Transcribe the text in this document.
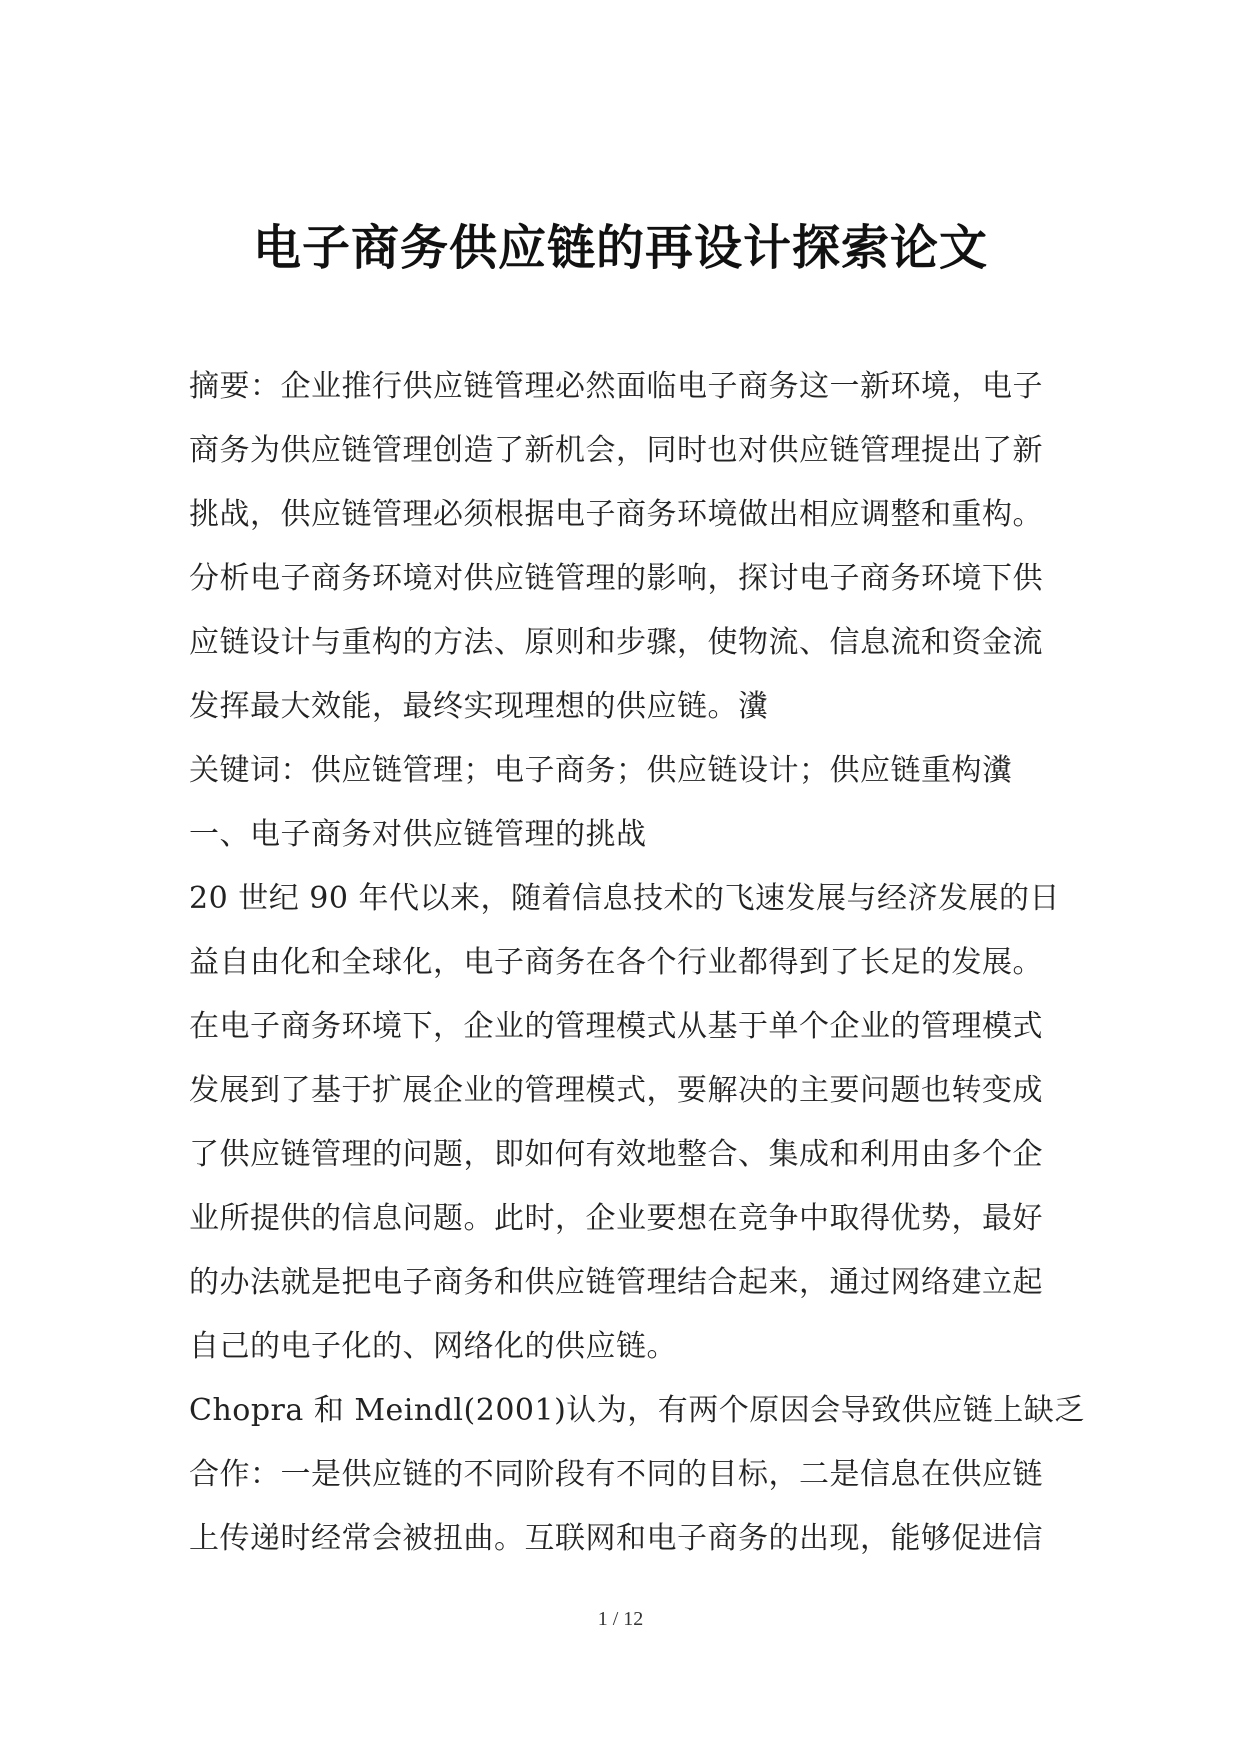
电子商务供应链的再设计探索论文
摘要：企业推行供应链管理必然面临电子商务这一新环境，电子
商务为供应链管理创造了新机会，同时也对供应链管理提出了新
挑战，供应链管理必须根据电子商务环境做出相应调整和重构。
分析电子商务环境对供应链管理的影响，探讨电子商务环境下供
应链设计与重构的方法、原则和步骤，使物流、信息流和资金流
发挥最大效能，最终实现理想的供应链。瀵
关键词：供应链管理；电子商务；供应链设计；供应链重构瀵
一、电子商务对供应链管理的挑战
20 世纪 90 年代以来，随着信息技术的飞速发展与经济发展的日
益自由化和全球化，电子商务在各个行业都得到了长足的发展。
在电子商务环境下，企业的管理模式从基于单个企业的管理模式
发展到了基于扩展企业的管理模式，要解决的主要问题也转变成
了供应链管理的问题，即如何有效地整合、集成和利用由多个企
业所提供的信息问题。此时，企业要想在竞争中取得优势，最好
的办法就是把电子商务和供应链管理结合起来，通过网络建立起
自己的电子化的、网络化的供应链。
Chopra 和 Meindl(2001)认为，有两个原因会导致供应链上缺乏
合作：一是供应链的不同阶段有不同的目标，二是信息在供应链
上传递时经常会被扭曲。互联网和电子商务的出现，能够促进信
1 / 12
